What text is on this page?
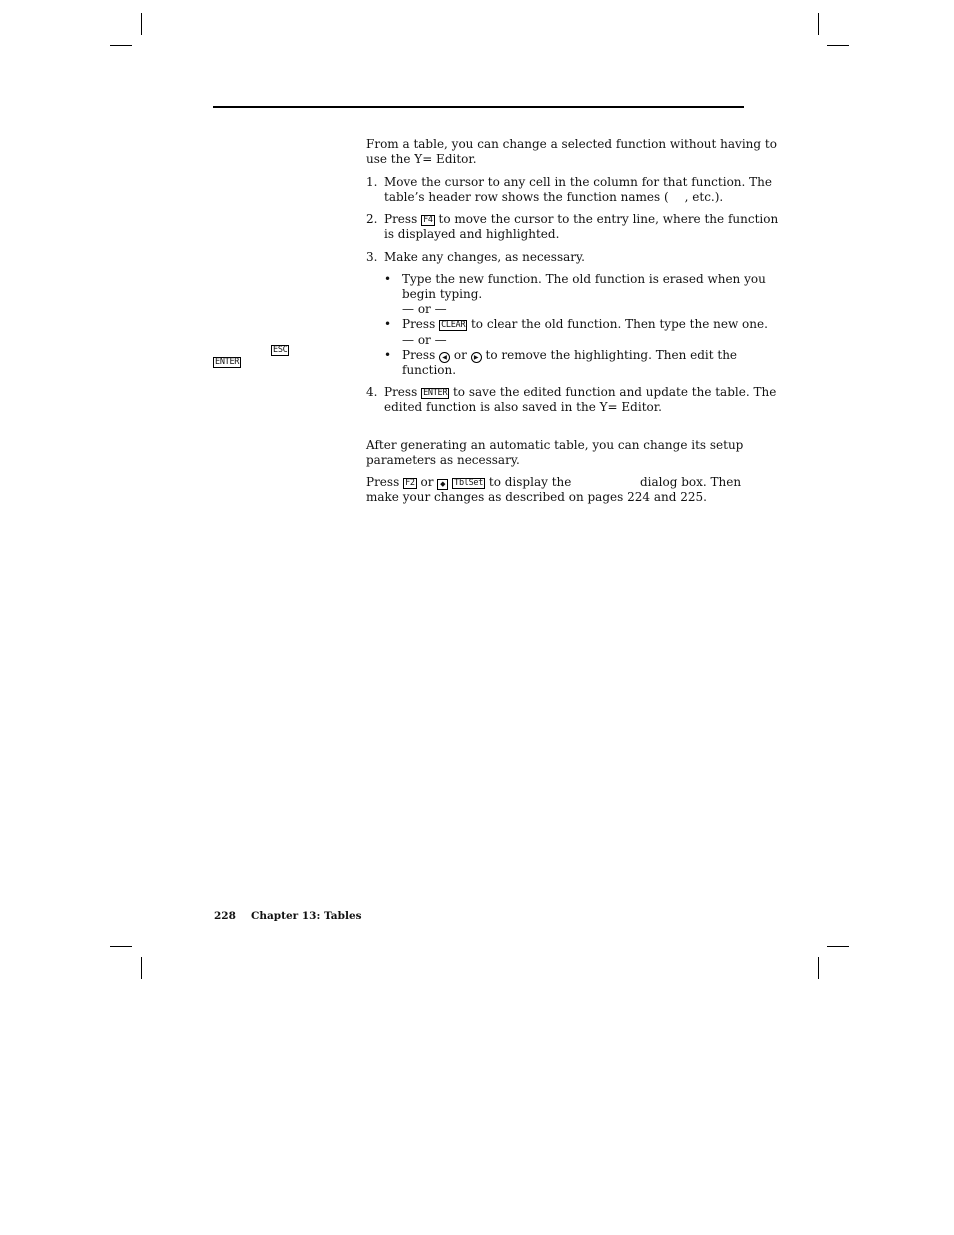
From a table, you can change a selected function without having to
use the Y= Editor.
1. Move the cursor to any cell in the column for that function. The
table’s header row shows the function names ( , etc.).
2. Press F4 to move the cursor to the entry line, where the function
is displayed and highlighted.
3. Make any changes, as necessary.
• Type the new function. The old function is erased when you
begin typing.
— or —
• Press CLEAR to clear the old function. Then type the new one.
— or —
• Press ◀ or ▶ to remove the highlighting. Then edit the
function.
4. Press ENTER to save the edited function and update the table. The
edited function is also saved in the Y= Editor.
ESC
ENTER
After generating an automatic table, you can change its setup
parameters as necessary.
Press F2 or ◆ TblSet to display the	dialog box. Then
make your changes as described on pages 224 and 225.
228 Chapter 13: Tables
